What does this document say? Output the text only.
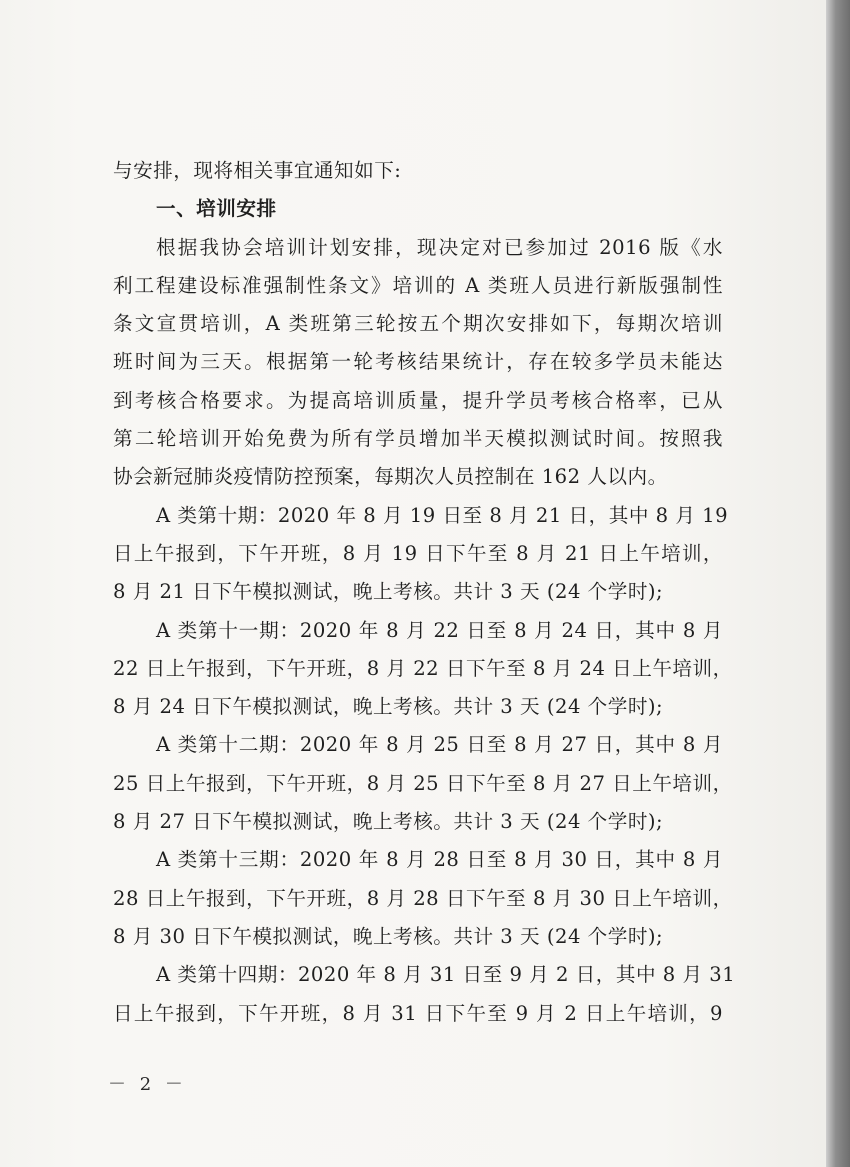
与安排，现将相关事宜通知如下:
一、培训安排
根据我协会培训计划安排，现决定对已参加过 2016 版《水
利工程建设标准强制性条文》培训的 A 类班人员进行新版强制性
条文宣贯培训，A 类班第三轮按五个期次安排如下，每期次培训
班时间为三天。根据第一轮考核结果统计，存在较多学员未能达
到考核合格要求。为提高培训质量，提升学员考核合格率，已从
第二轮培训开始免费为所有学员增加半天模拟测试时间。按照我
协会新冠肺炎疫情防控预案，每期次人员控制在 162 人以内。
A 类第十期：2020 年 8 月 19 日至 8 月 21 日，其中 8 月 19
日上午报到，下午开班，8 月 19 日下午至 8 月 21 日上午培训，
8 月 21 日下午模拟测试，晚上考核。共计 3 天 (24 个学时);
A 类第十一期：2020 年 8 月 22 日至 8 月 24 日，其中 8 月
22 日上午报到，下午开班，8 月 22 日下午至 8 月 24 日上午培训，
8 月 24 日下午模拟测试，晚上考核。共计 3 天 (24 个学时);
A 类第十二期：2020 年 8 月 25 日至 8 月 27 日，其中 8 月
25 日上午报到，下午开班，8 月 25 日下午至 8 月 27 日上午培训，
8 月 27 日下午模拟测试，晚上考核。共计 3 天 (24 个学时);
A 类第十三期：2020 年 8 月 28 日至 8 月 30 日，其中 8 月
28 日上午报到，下午开班，8 月 28 日下午至 8 月 30 日上午培训，
8 月 30 日下午模拟测试，晚上考核。共计 3 天 (24 个学时);
A 类第十四期：2020 年 8 月 31 日至 9 月 2 日，其中 8 月 31
日上午报到，下午开班，8 月 31 日下午至 9 月 2 日上午培训，9
－ 2 －
